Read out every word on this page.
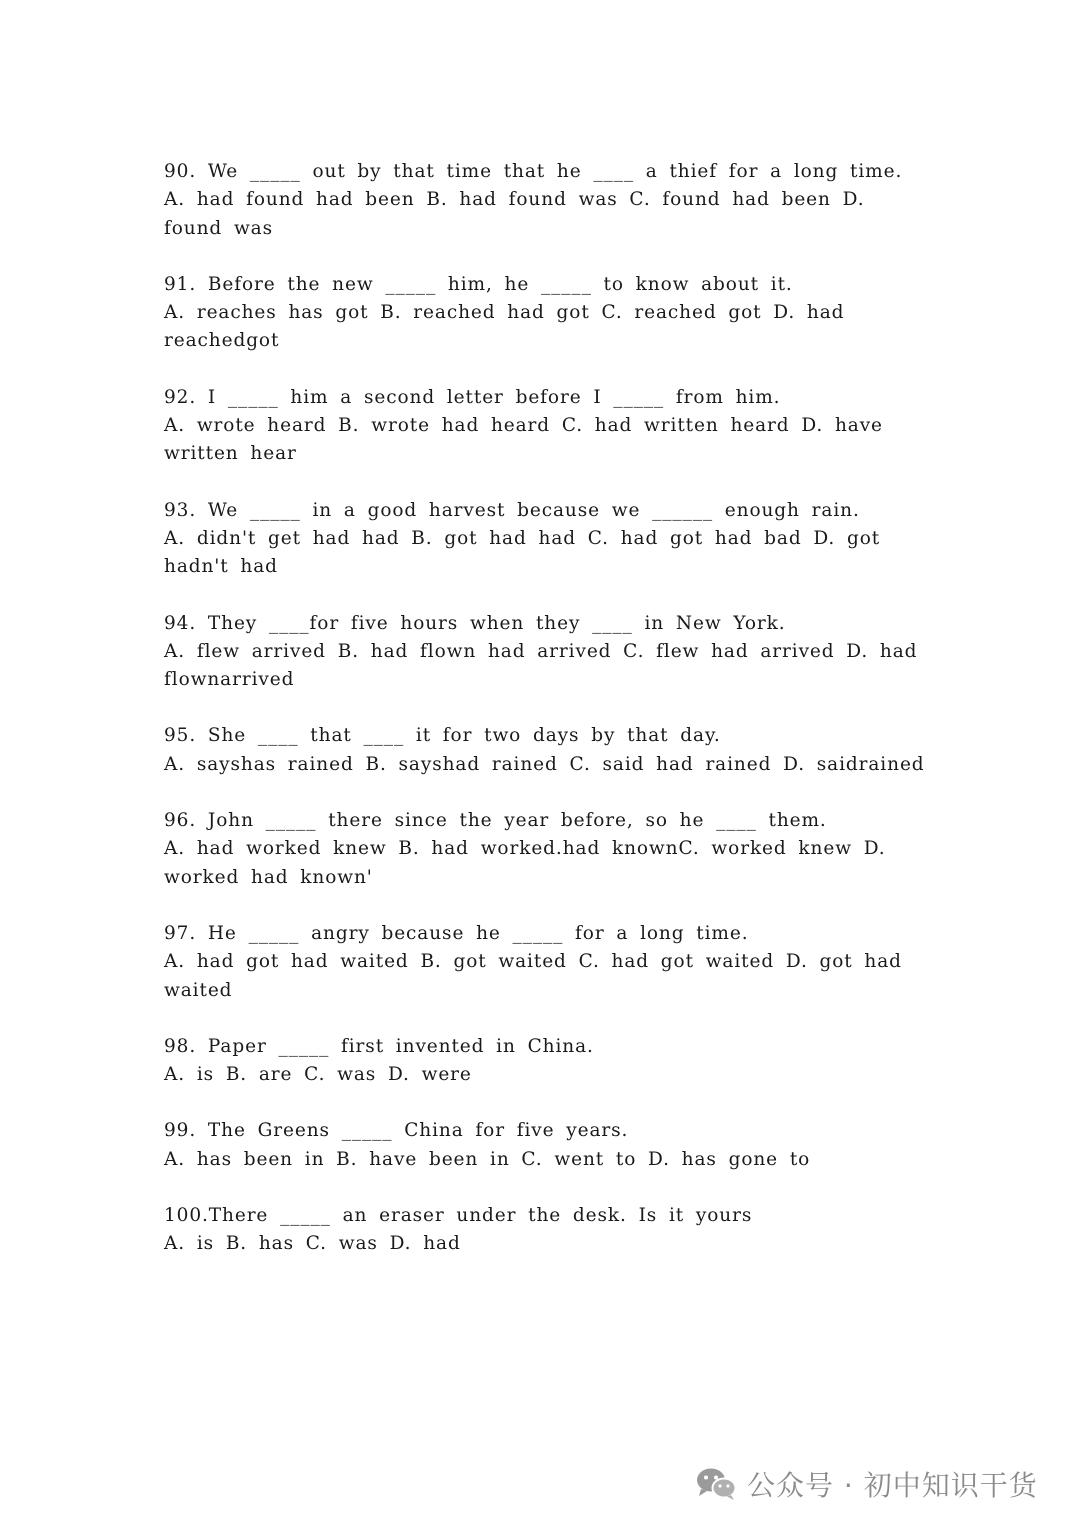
90. We _____ out by that time that he ____ a thief for a long time.
A. had found had been B. had found was C. found had been D. found was
91. Before the new _____ him, he _____ to know about it.
A. reaches has got B. reached had got C. reached got D. had reachedgot
92. I _____ him a second letter before I _____ from him.
A. wrote heard B. wrote had heard C. had written heard D. have written hear
93. We _____ in a good harvest because we ______ enough rain.
A. didn't get had had B. got had had C. had got had bad D. got hadn't had
94. They ____for five hours when they ____ in New York.
A. flew arrived B. had flown had arrived C. flew had arrived D. had flownarrived
95. She ____ that ____ it for two days by that day.
A. sayshas rained B. sayshad rained C. said had rained D. saidrained
96. John _____ there since the year before, so he ____ them.
A. had worked knew B. had worked.had knownC. worked knew D. worked had known'
97. He _____ angry because he _____ for a long time.
A. had got had waited B. got waited C. had got waited D. got had waited
98. Paper _____ first invented in China.
A. is B. are C. was D. were
99. The Greens _____ China for five years.
A. has been in B. have been in C. went to D. has gone to
100.There _____ an eraser under the desk. Is it yours
A. is B. has C. was D. had
公众号 · 初中知识干货
